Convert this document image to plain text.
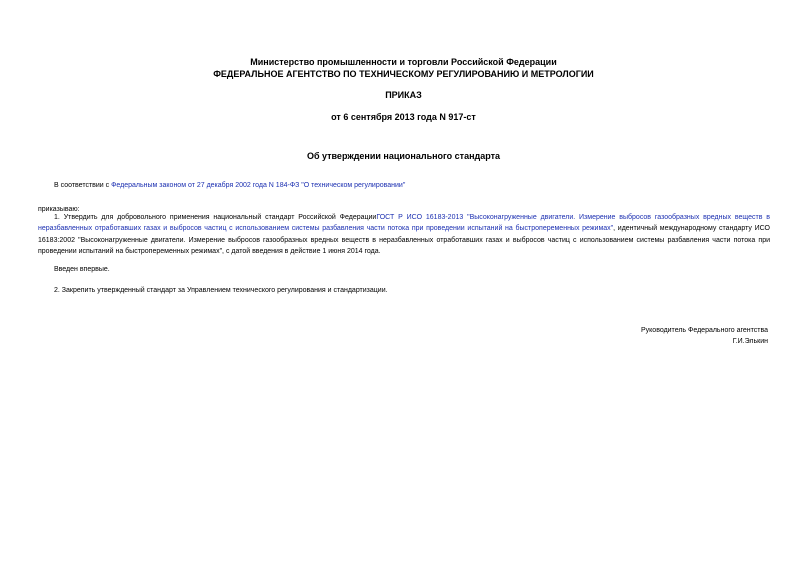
Министерство промышленности и торговли Российской Федерации
ФЕДЕРАЛЬНОЕ АГЕНТСТВО ПО ТЕХНИЧЕСКОМУ РЕГУЛИРОВАНИЮ И МЕТРОЛОГИИ
ПРИКАЗ
от 6 сентября 2013 года N 917-ст
Об утверждении национального стандарта
В соответствии с Федеральным законом от 27 декабря 2002 года N 184-ФЗ "О техническом регулировании"
приказываю:
1. Утвердить для добровольного применения национальный стандарт Российской ФедерацииГОСТ Р ИСО 16183-2013 "Высоконагруженные двигатели. Измерение выбросов газообразных вредных веществ в неразбавленных отработавших газах и выбросов частиц с использованием системы разбавления части потока при проведении испытаний на быстропеременных режимах", идентичный международному стандарту ИСО 16183:2002 "Высоконагруженные двигатели. Измерение выбросов газообразных вредных веществ в неразбавленных отработавших газах и выбросов частиц с использованием системы разбавления части потока при проведении испытаний на быстропеременных режимах", с датой введения в действие 1 июня 2014 года.
Введен впервые.
2. Закрепить утвержденный стандарт за Управлением технического регулирования и стандартизации.
Руководитель Федерального агентства
Г.И.Элькин
